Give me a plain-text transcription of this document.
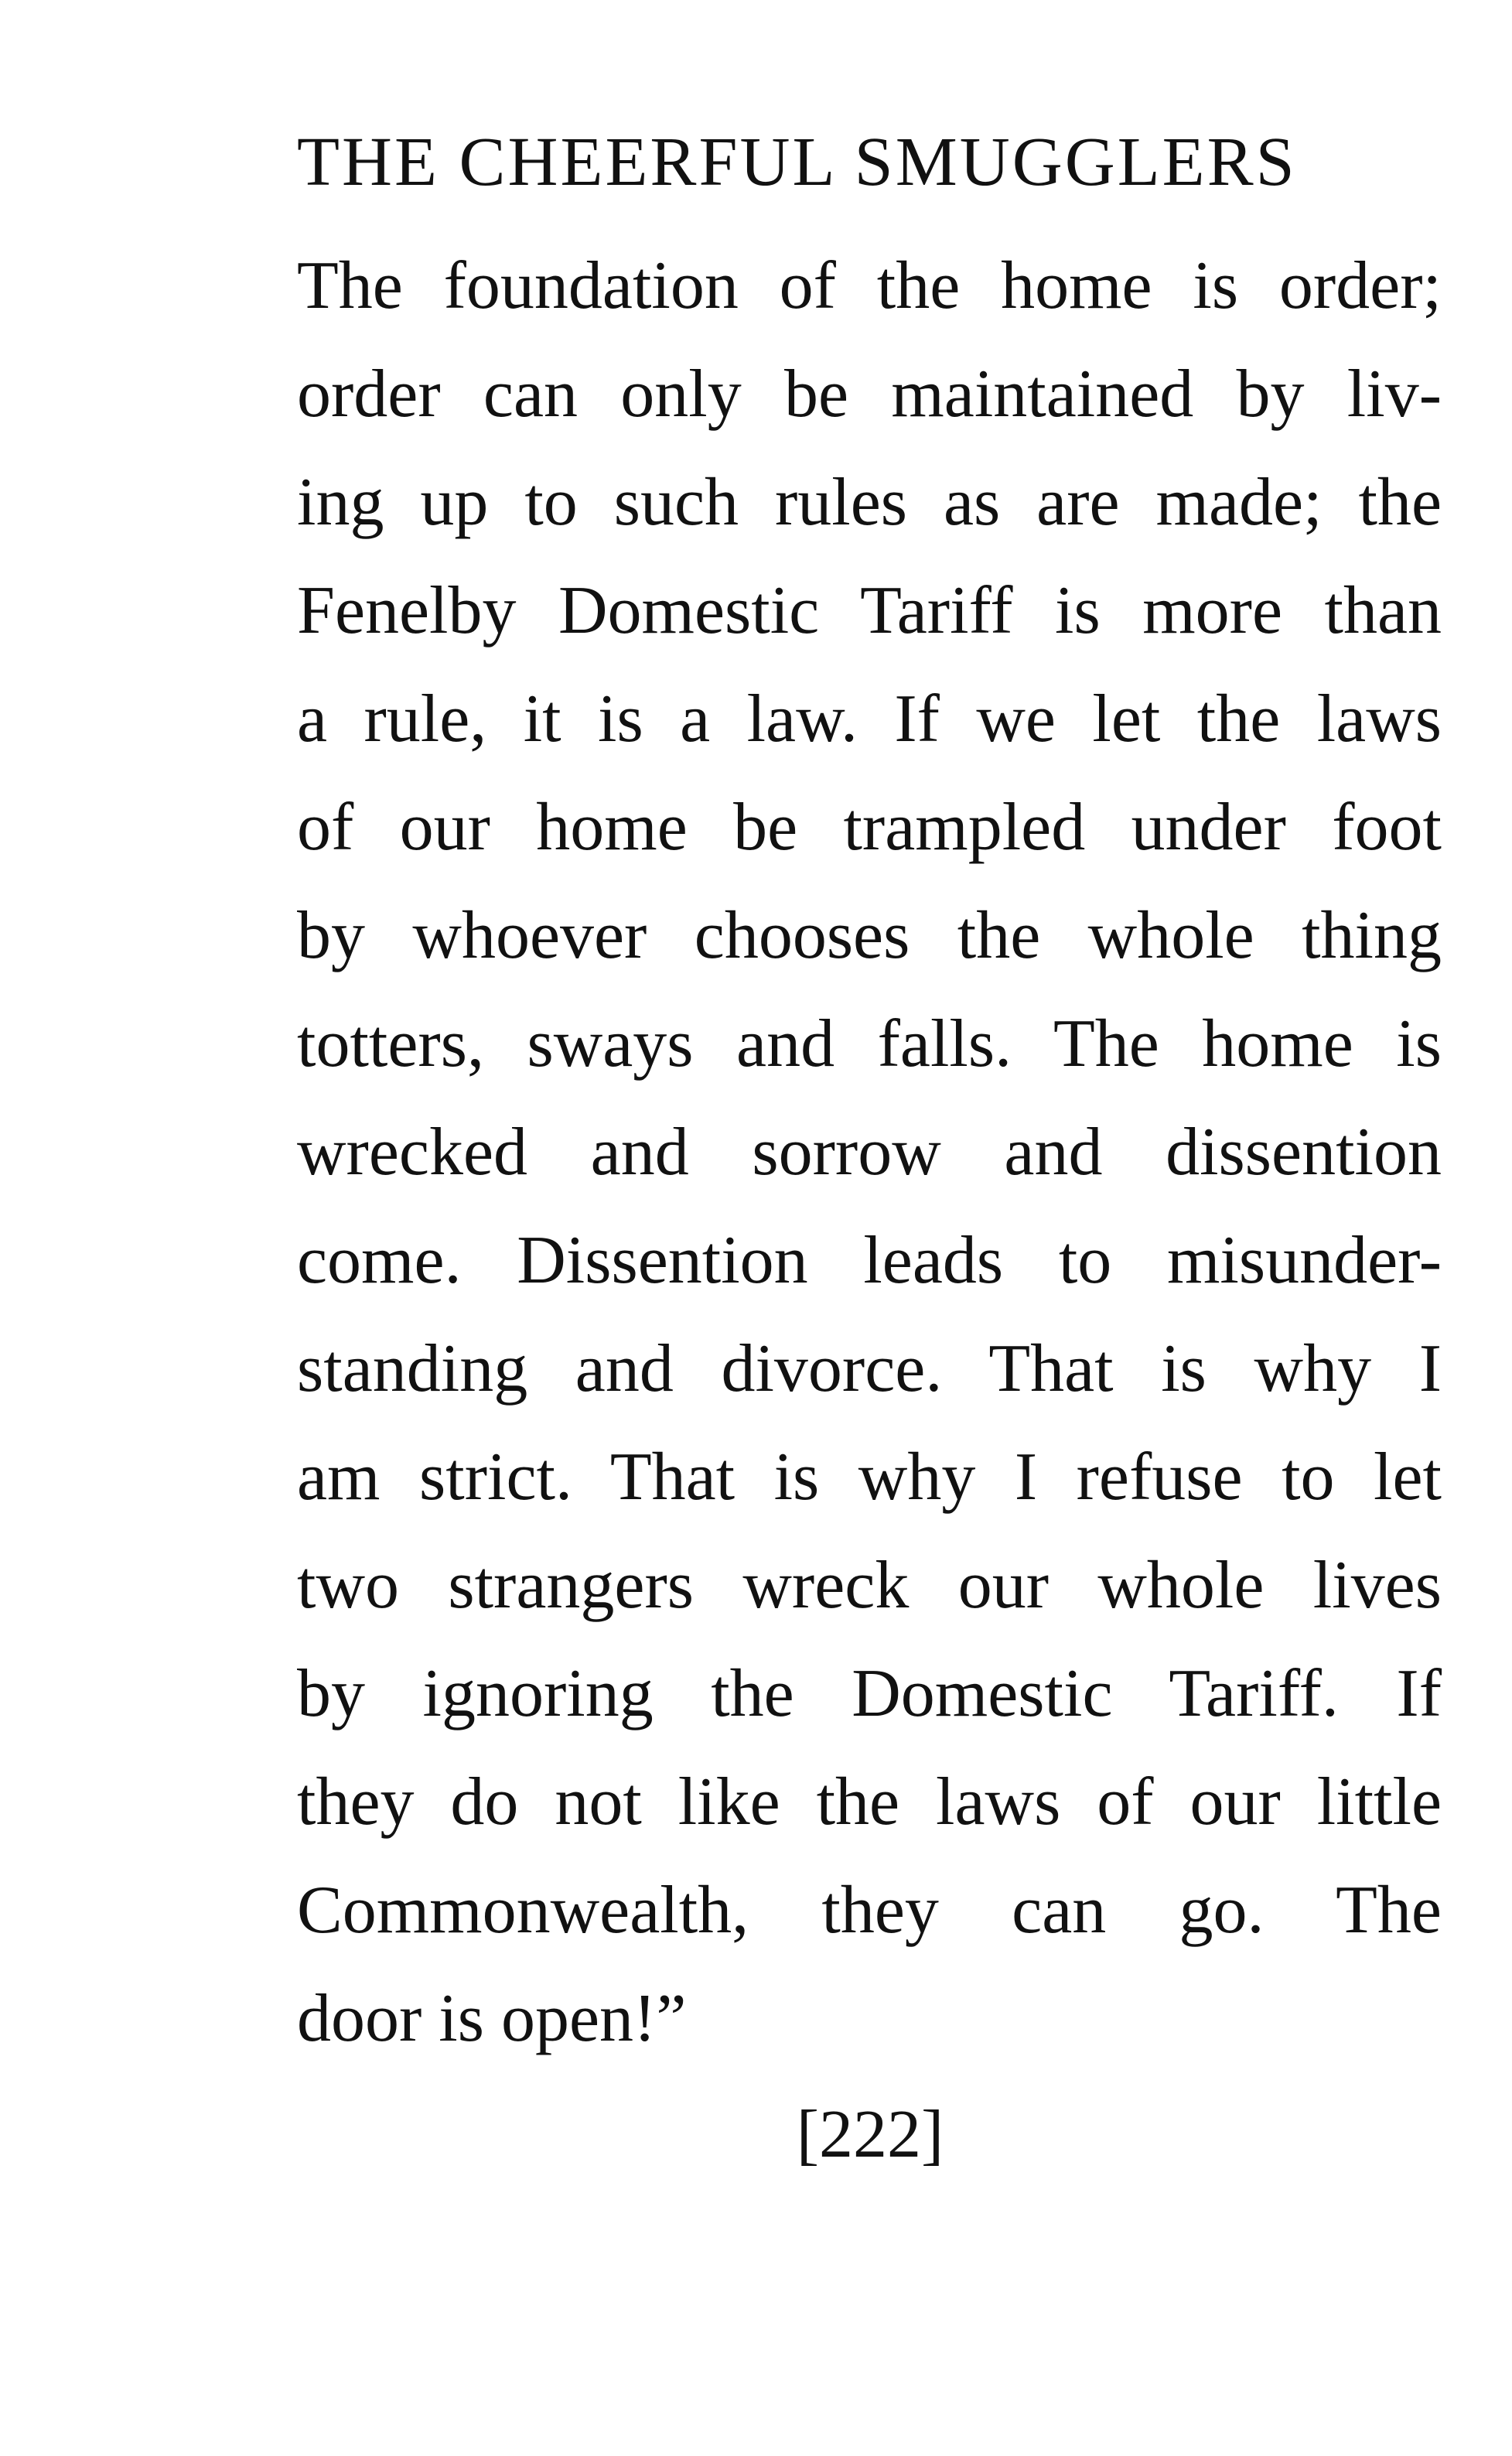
THE CHEERFUL SMUGGLERS
The foundation of the home is order;
order can only be maintained by liv-
ing up to such rules as are made; the
Fenelby Domestic Tariff is more than
a rule, it is a law. If we let the laws
of our home be trampled under foot
by whoever chooses the whole thing
totters, sways and falls. The home is
wrecked and sorrow and dissention
come. Dissention leads to misunder-
standing and divorce. That is why I
am strict. That is why I refuse to let
two strangers wreck our whole lives
by ignoring the Domestic Tariff. If
they do not like the laws of our little
Commonwealth, they can go. The
door is open!”
[222]
